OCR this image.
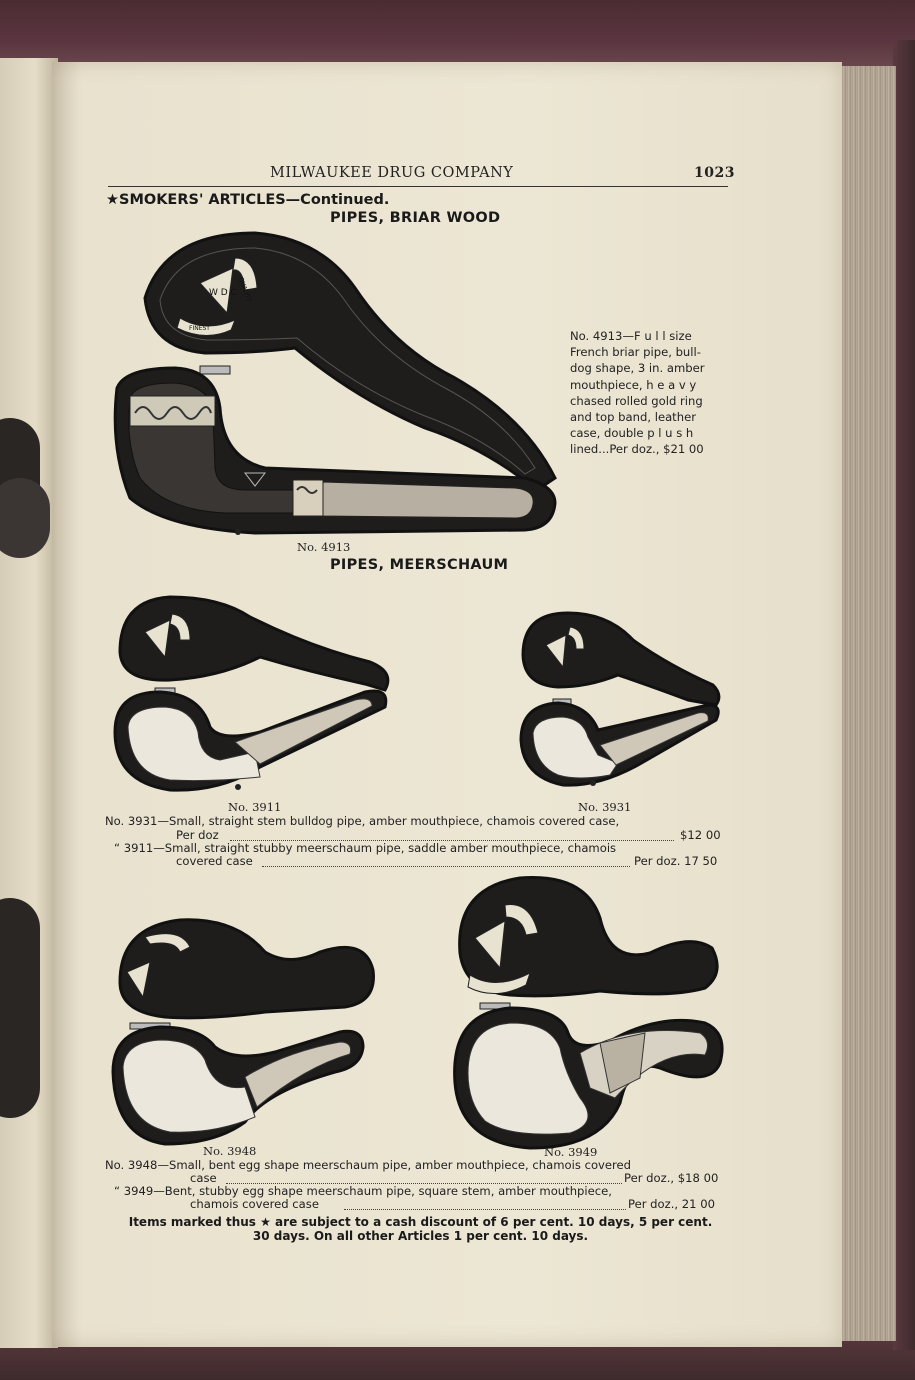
MILWAUKEE DRUG COMPANY	1023
★SMOKERS' ARTICLES—Continued.
PIPES, BRIAR WOOD
W D C QUALITY
FINEST
No. 4913
No. 4913—F u l l size
French briar pipe, bull-
dog shape, 3 in. amber
mouthpiece, h e a v y
chased rolled gold ring
and top band, leather
case, double p l u s h
lined...Per doz., $21 00
PIPES, MEERSCHAUM
No. 3911	No. 3931
No. 3931—Small, straight stem bulldog pipe, amber mouthpiece, chamois covered case,
Per doz	$12 00
“ 3911—Small, straight stubby meerschaum pipe, saddle amber mouthpiece, chamois
covered case	Per doz. 17 50
No. 3948	No. 3949
No. 3948—Small, bent egg shape meerschaum pipe, amber mouthpiece, chamois covered
case	Per doz., $18 00
“ 3949—Bent, stubby egg shape meerschaum pipe, square stem, amber mouthpiece,
chamois covered case	Per doz., 21 00
Items marked thus ★ are subject to a cash discount of 6 per cent. 10 days, 5 per cent.
30 days. On all other Articles 1 per cent. 10 days.
